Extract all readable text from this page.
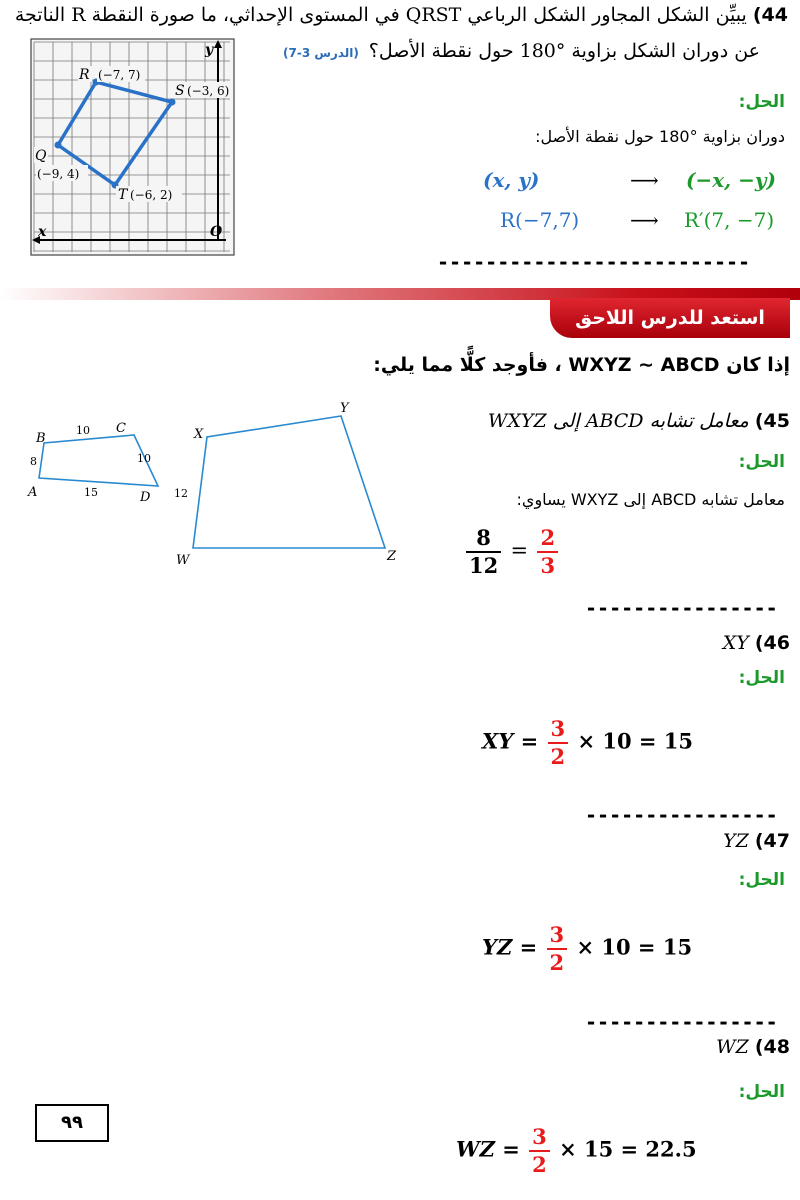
44) يبيِّن الشكل المجاور الشكل الرباعي QRST في المستوى الإحداثي، ما صورة النقطة R الناتجة
عن دوران الشكل بزاوية °180 حول نقطة الأصل؟
(الدرس 3-7)
الحل:
دوران بزاوية °180 حول نقطة الأصل:
(x, y)	⟶ (−x, −y)
R(−7,7)	⟶ R′(7, −7)
--------------------------
y
x	O
R (−7, 7)
S (−3, 6)
Q
(−9, 4)
T (−6, 2)
استعد للدرس اللاحق
إذا كان WXYZ ∼ ABCD ، فأوجد كلًّا مما يلي:
A
B
C
D
8
10
10
15
W
X
Y
Z
12
45) معامل تشابه ABCD إلى WXYZ
الحل:
معامل تشابه ABCD إلى WXYZ يساوي:
$\frac{8}{12} = \frac{2}{3}$
----------------
46) XY
الحل:
XY = $\frac{3}{2} \times 10 = 15$
----------------
47) YZ
الحل:
YZ = $\frac{3}{2} \times 10 = 15$
----------------
48) WZ
الحل:
WZ = $\frac{3}{2} \times 15 = 22.5$
٩٩
